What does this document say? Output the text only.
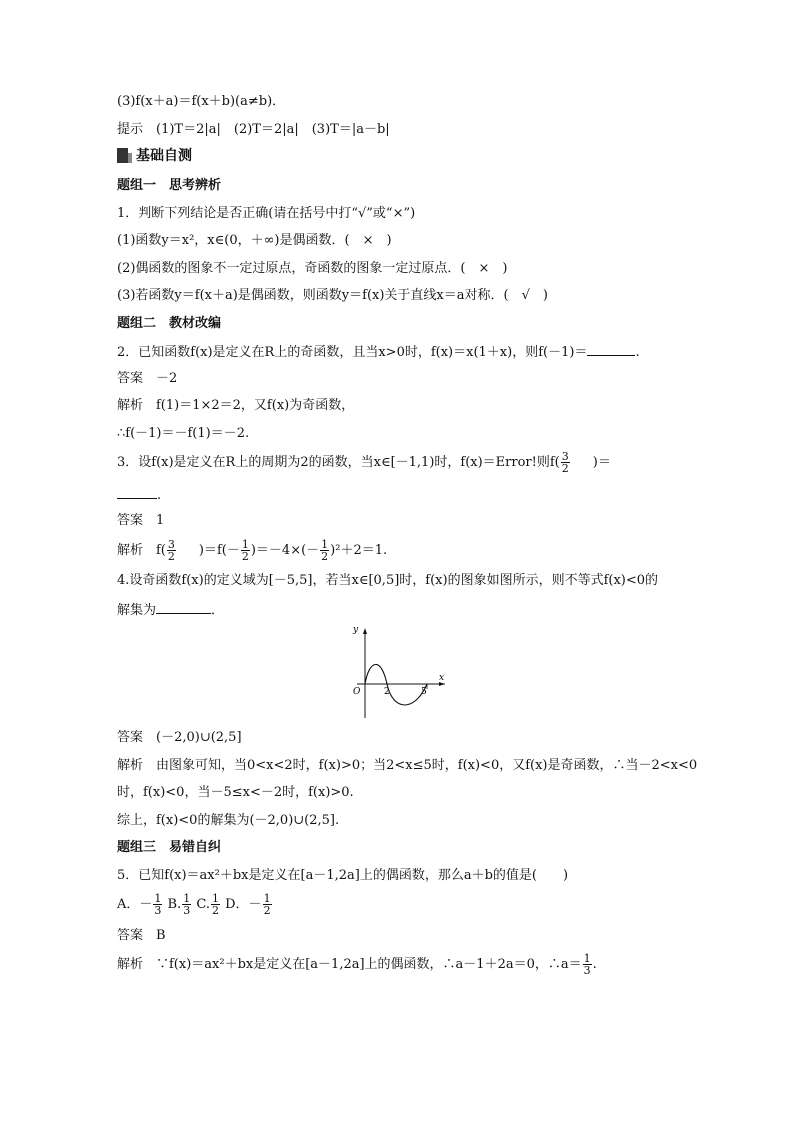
(3)f(x＋a)＝f(x＋b)(a≠b)．
提示　(1)T＝2|a|　(2)T＝2|a|　(3)T＝|a－b|
基础自测
题组一　思考辨析
1．判断下列结论是否正确(请在括号中打“√”或“×”)
(1)函数y＝x²，x∈(0，＋∞)是偶函数．(　×　)
(2)偶函数的图象不一定过原点，奇函数的图象一定过原点．(　×　)
(3)若函数y＝f(x＋a)是偶函数，则函数y＝f(x)关于直线x＝a对称．(　√　)
题组二　教材改编
2．已知函数f(x)是定义在R上的奇函数，且当x>0时，f(x)＝x(1＋x)，则f(－1)＝	.
答案　－2
解析　f(1)＝1×2＝2，又f(x)为奇函数，
∴f(－1)＝－f(1)＝－2.
3．设f(x)是定义在R上的周期为2的函数，当x∈[－1,1)时，f(x)＝Error!则$f( \frac{3}{2}$ )＝
.
答案　1
解析　$f( \frac{3}{2} )=f(- \frac{1}{2} )=-4\times(- \frac{1}{2} )^2+2=1$.
4.设奇函数f(x)的定义域为[－5,5]，若当x∈[0,5]时，f(x)的图象如图所示，则不等式f(x)<0的
解集为	．
y
x
O	2	5
答案　(－2,0)∪(2,5]
解析　由图象可知，当0<x<2时，f(x)>0；当2<x≤5时，f(x)<0，又f(x)是奇函数，∴当－2<x<0
时，f(x)<0，当－5≤x<－2时，f(x)>0.
综上，f(x)<0的解集为(－2,0)∪(2,5].
题组三　易错自纠
5．已知f(x)＝ax²＋bx是定义在[a－1,2a]上的偶函数，那么a＋b的值是(　　)
A．－ $\frac{1}{3} B$. $\frac{1}{3} C$. $\frac{1}{2}$ D．－ $\frac{1}{2}$
答案　B
解析　∵f(x)＝ax²＋bx是定义在[a－1,2a]上的偶函数，∴a－1＋2a＝0，∴a＝ $\frac{1}{3}$ .
